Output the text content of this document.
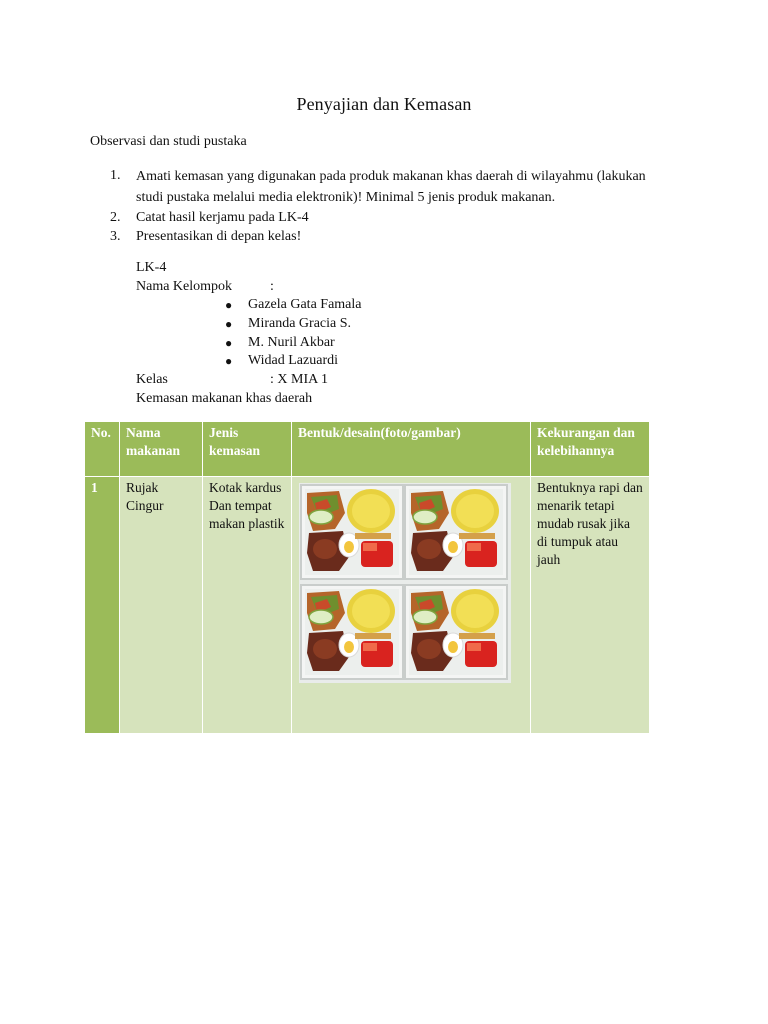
Penyajian dan Kemasan
Observasi dan studi pustaka
1. Amati kemasan yang digunakan pada produk makanan khas daerah di wilayahmu (lakukan studi pustaka melalui media elektronik)! Minimal 5 jenis produk makanan.
2. Catat hasil kerjamu pada LK-4
3. Presentasikan di depan kelas!
LK-4
Nama Kelompok	:
● Gazela Gata Famala
● Miranda Gracia S.
● M. Nuril Akbar
● Widad Lazuardi
Kelas	: X MIA 1
Kemasan makanan khas daerah
No.	Nama makanan	Jenis kemasan	Bentuk/desain(foto/gambar)	Kekurangan dan kelebihannya
1	Rujak Cingur	Kotak kardus Dan tempat makan plastik		Bentuknya rapi dan menarik tetapi mudab rusak jika di tumpuk atau jauh
